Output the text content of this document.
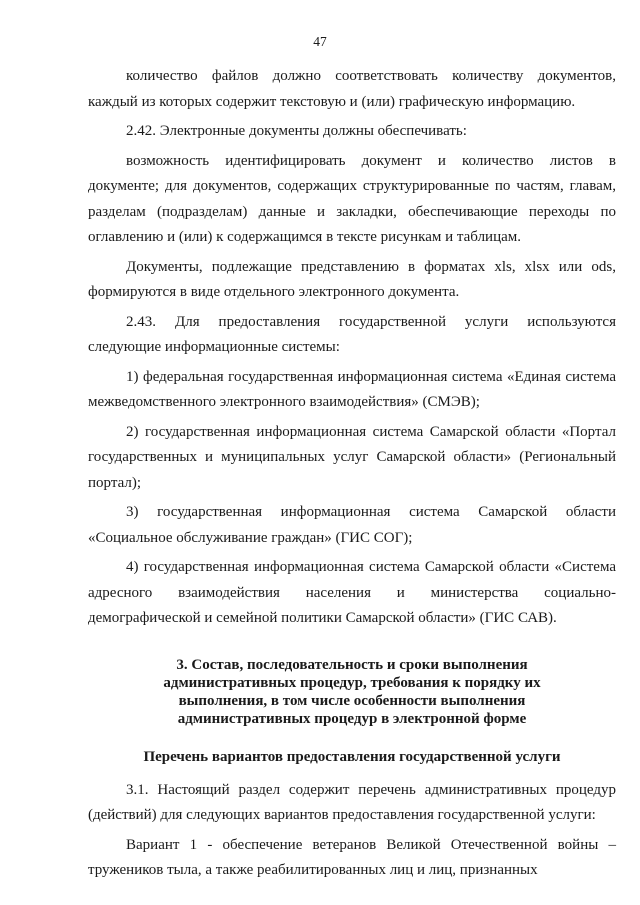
47

количество файлов должно соответствовать количеству документов, каждый из которых содержит текстовую и (или) графическую информацию.

2.42. Электронные документы должны обеспечивать:

возможность идентифицировать документ и количество листов в документе; для документов, содержащих структурированные по частям, главам, разделам (подразделам) данные и закладки, обеспечивающие переходы по оглавлению и (или) к содержащимся в тексте рисункам и таблицам.

Документы, подлежащие представлению в форматах xls, xlsx или ods, формируются в виде отдельного электронного документа.

2.43. Для предоставления государственной услуги используются следующие информационные системы:

1) федеральная государственная информационная система «Единая система межведомственного электронного взаимодействия» (СМЭВ);

2) государственная информационная система Самарской области «Портал государственных и муниципальных услуг Самарской области» (Региональный портал);

3) государственная информационная система Самарской области «Социальное обслуживание граждан» (ГИС СОГ);

4) государственная информационная система Самарской области «Система адресного взаимодействия населения и министерства социально-демографической и семейной политики Самарской области» (ГИС САВ).

3. Состав, последовательность и сроки выполнения
административных процедур, требования к порядку их
выполнения, в том числе особенности выполнения
административных процедур в электронной форме
Перечень вариантов предоставления государственной услуги

3.1. Настоящий раздел содержит перечень административных процедур (действий) для следующих вариантов предоставления государственной услуги:

Вариант 1 - обеспечение ветеранов Великой Отечественной войны – тружеников тыла, а также реабилитированных лиц и лиц, признанных
